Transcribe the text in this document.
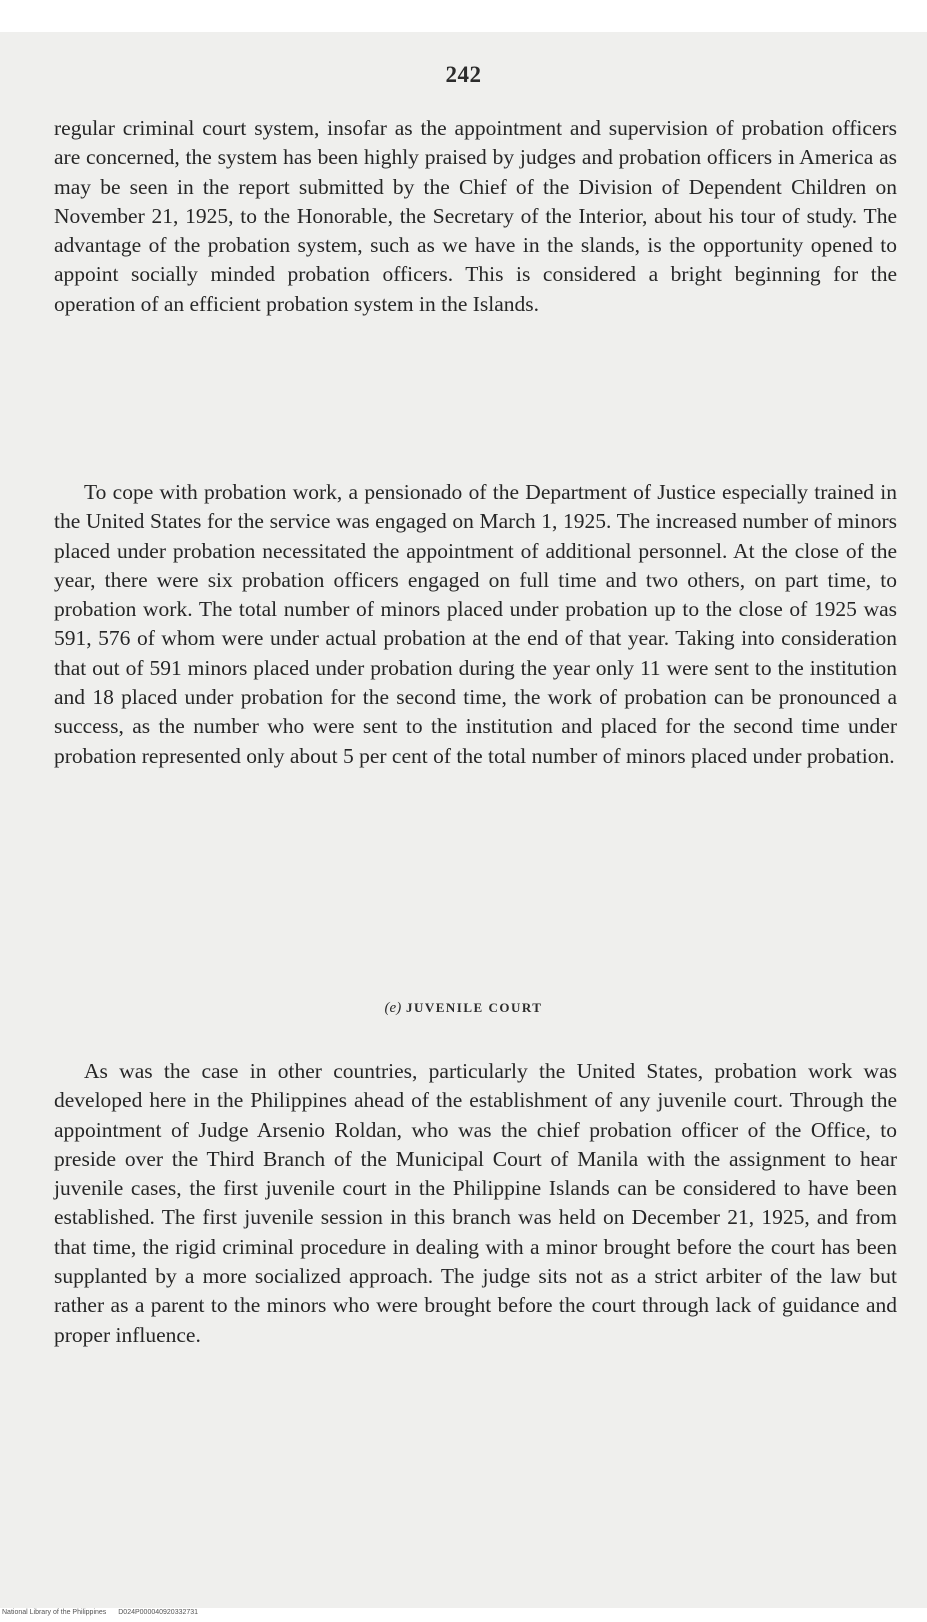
242

regular criminal court system, insofar as the appointment and supervision of probation officers are concerned, the system has been highly praised by judges and probation officers in America as may be seen in the report submitted by the Chief of the Division of Dependent Children on November 21, 1925, to the Honorable, the Secretary of the Interior, about his tour of study. The advantage of the probation system, such as we have in the slands, is the opportunity opened to appoint socially minded probation officers. This is considered a bright beginning for the operation of an efficient probation system in the Islands.

To cope with probation work, a pensionado of the Department of Justice especially trained in the United States for the service was engaged on March 1, 1925. The increased number of minors placed under probation necessitated the appointment of additional personnel. At the close of the year, there were six probation officers engaged on full time and two others, on part time, to probation work. The total number of minors placed under probation up to the close of 1925 was 591, 576 of whom were under actual probation at the end of that year. Taking into consideration that out of 591 minors placed under probation during the year only 11 were sent to the institution and 18 placed under probation for the second time, the work of probation can be pronounced a success, as the number who were sent to the institution and placed for the second time under probation represented only about 5 per cent of the total number of minors placed under probation.

(e) JUVENILE COURT

As was the case in other countries, particularly the United States, probation work was developed here in the Philippines ahead of the establishment of any juvenile court. Through the appointment of Judge Arsenio Roldan, who was the chief probation officer of the Office, to preside over the Third Branch of the Municipal Court of Manila with the assignment to hear juvenile cases, the first juvenile court in the Philippine Islands can be considered to have been established. The first juvenile session in this branch was held on December 21, 1925, and from that time, the rigid criminal procedure in dealing with a minor brought before the court has been supplanted by a more socialized approach. The judge sits not as a strict arbiter of the law but rather as a parent to the minors who were brought before the court through lack of guidance and proper influence.

National Library of the Philippines D024P000040920332731
